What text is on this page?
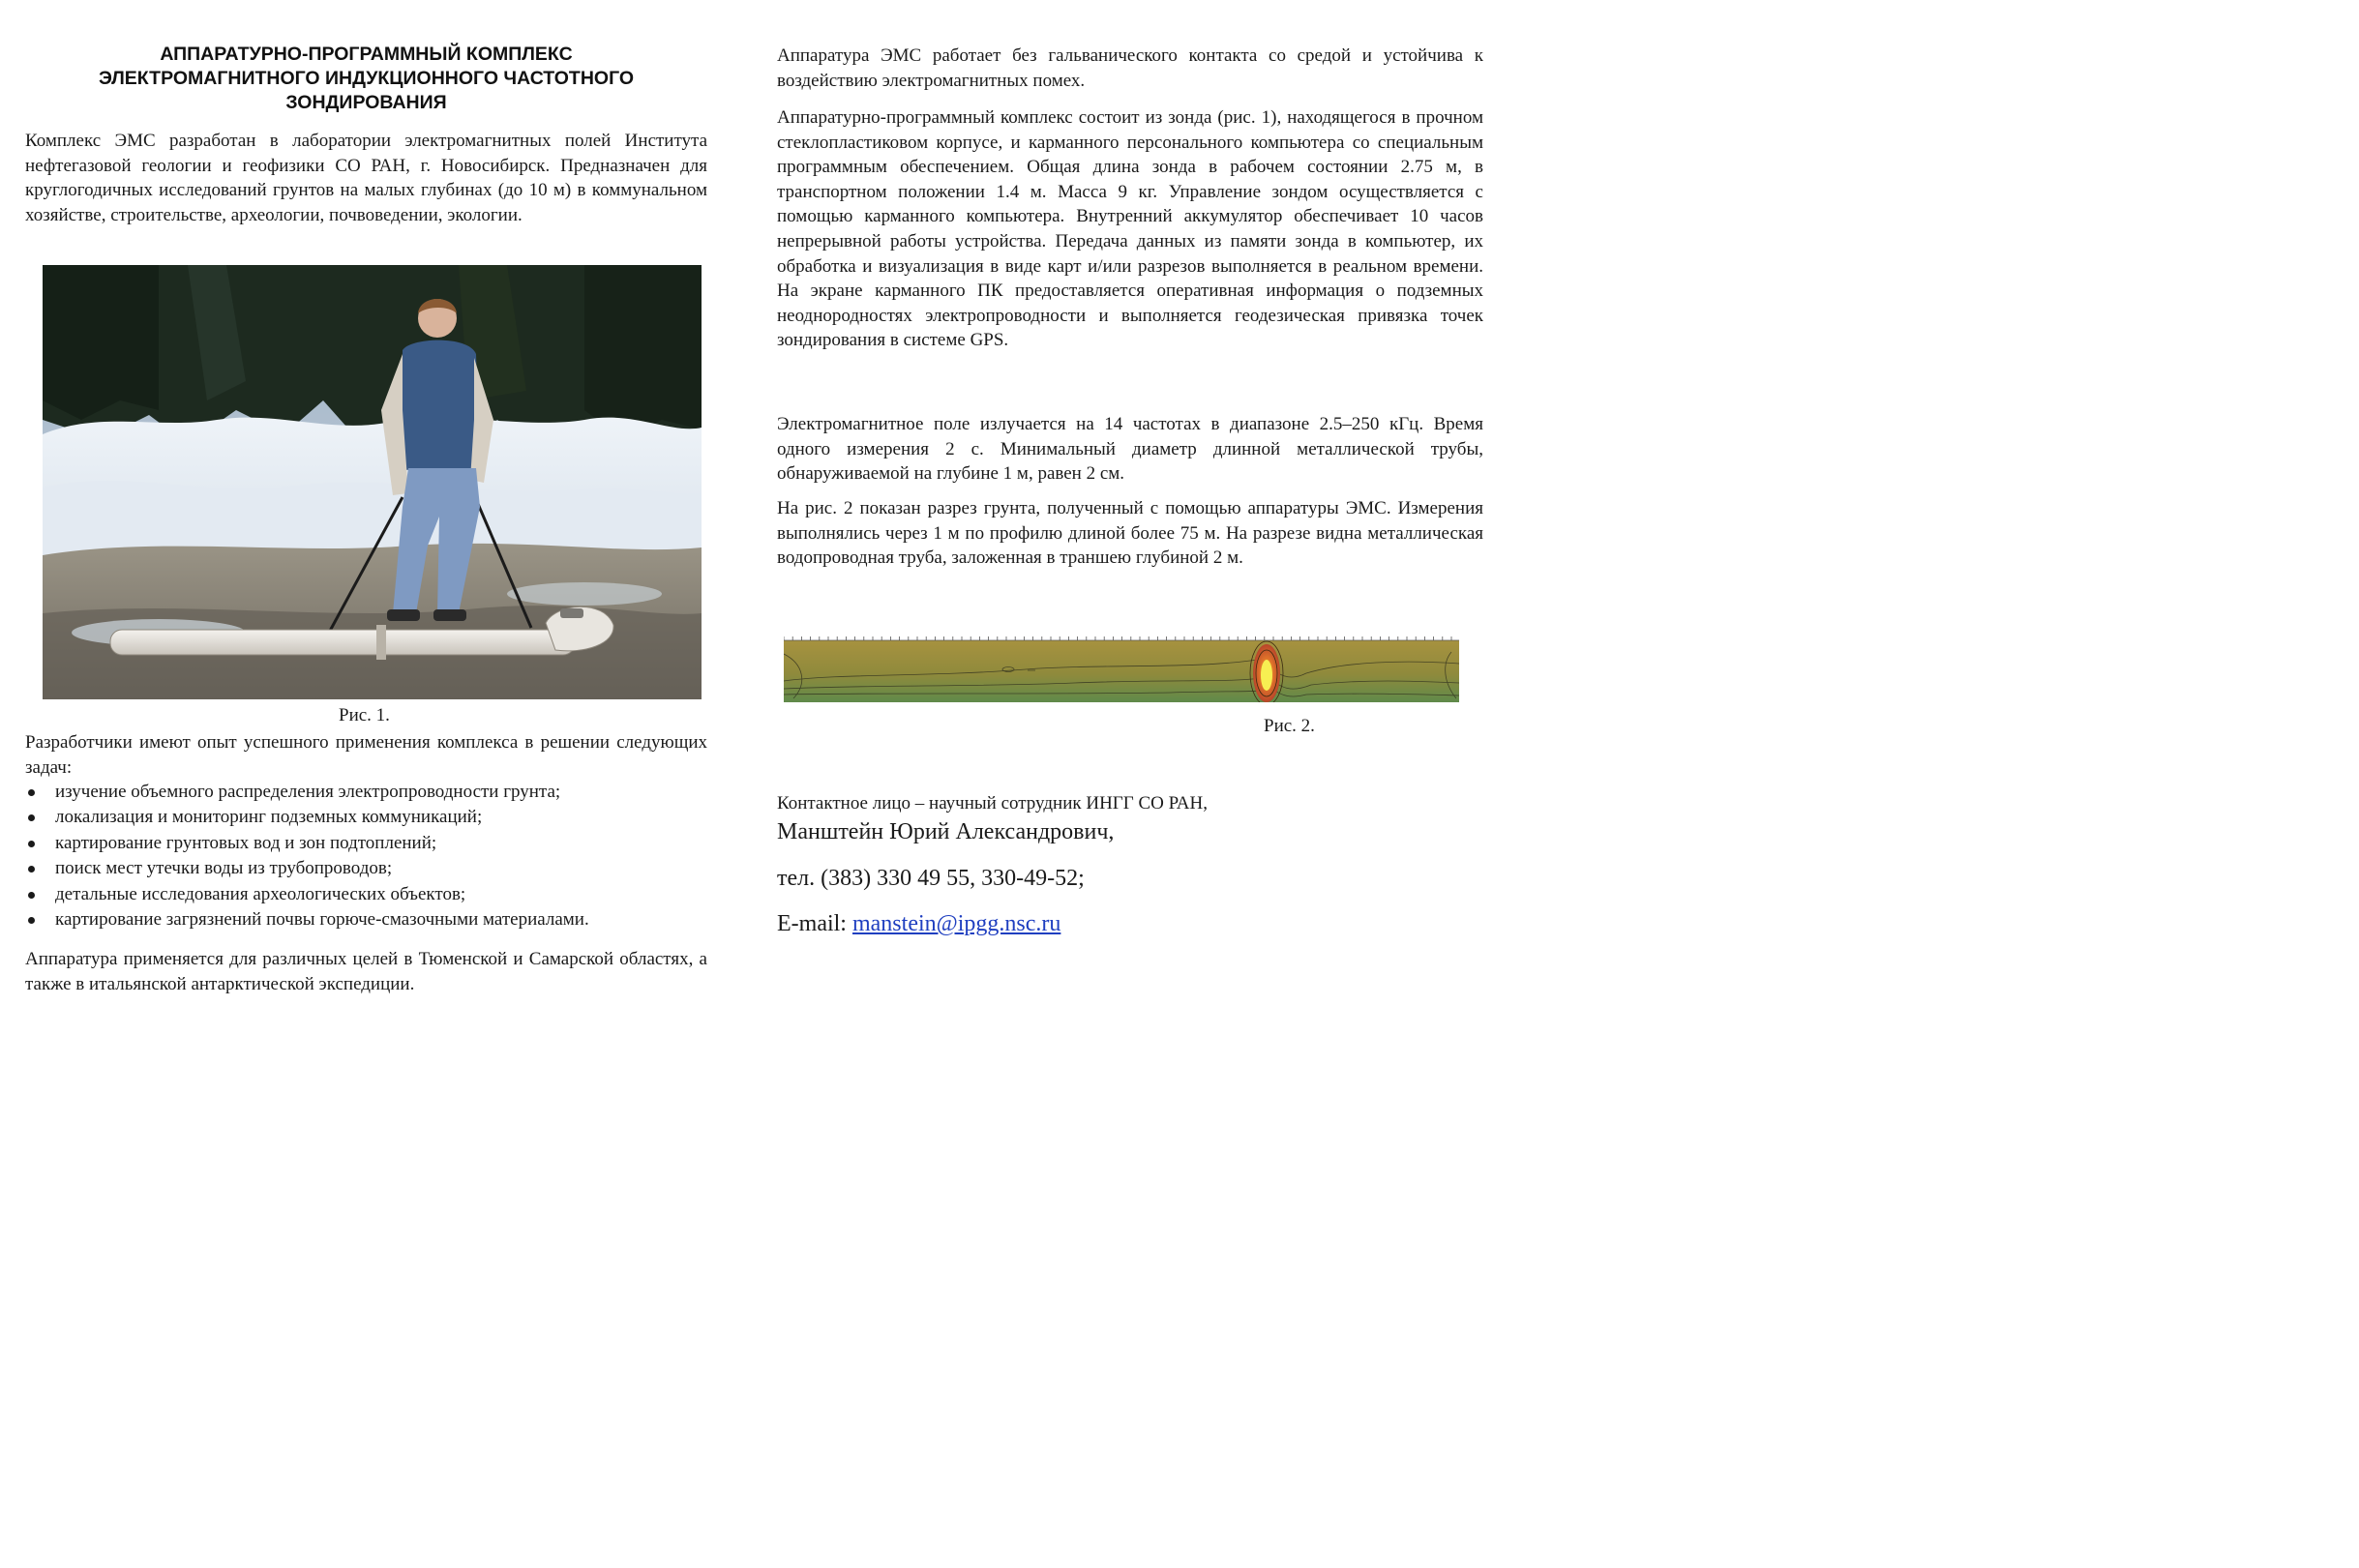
АППАРАТУРНО-ПРОГРАММНЫЙ КОМПЛЕКС
ЭЛЕКТРОМАГНИТНОГО ИНДУКЦИОННОГО ЧАСТОТНОГО
ЗОНДИРОВАНИЯ

Комплекс ЭМС разработан в лаборатории электромагнитных полей Института нефтегазовой геологии и геофизики СО РАН, г. Новосибирск. Предназначен для круглогодичных исследований грунтов на малых глубинах (до 10 м) в коммунальном хозяйстве, строительстве, археологии, почвоведении, экологии.

Рис. 1.

Разработчики имеют опыт успешного применения комплекса в решении следующих задач:

изучение объемного распределения электропроводности грунта;
локализация и мониторинг подземных коммуникаций;
картирование грунтовых вод и зон подтоплений;
поиск мест утечки воды из трубопроводов;
детальные исследования археологических объектов;
картирование загрязнений почвы горюче-смазочными материалами.

Аппаратура применяется для различных целей в Тюменской и Самарской областях, а также в итальянской антарктической экспедиции.

Аппаратура ЭМС работает без гальванического контакта со средой и устойчива к воздействию электромагнитных помех.

Аппаратурно-программный комплекс состоит из зонда (рис. 1), находящегося в прочном стеклопластиковом корпусе, и карманного персонального компьютера со специальным программным обеспечением. Общая длина зонда в рабочем состоянии 2.75 м, в транспортном положении 1.4 м. Масса 9 кг. Управление зондом осуществляется с помощью карманного компьютера. Внутренний аккумулятор обеспечивает 10 часов непрерывной работы устройства. Передача данных из памяти зонда в компьютер, их обработка и визуализация в виде карт и/или разрезов выполняется в реальном времени. На экране карманного ПК предоставляется оперативная информация о подземных неоднородностях электропроводности и выполняется геодезическая привязка точек зондирования в системе GPS.

Электромагнитное поле излучается на 14 частотах в диапазоне 2.5–250 кГц. Время одного измерения 2 с. Минимальный диаметр длинной металлической трубы, обнаруживаемой на глубине 1 м, равен 2 см.

На рис. 2 показан разрез грунта, полученный с помощью аппаратуры ЭМС. Измерения выполнялись через 1 м по профилю длиной более 75 м. На разрезе видна металлическая водопроводная труба, заложенная в траншею глубиной 2 м.

Рис. 2.
Контактное лицо – научный сотрудник ИНГГ СО РАН,
Манштейн Юрий Александрович,
тел. (383) 330 49 55, 330-49-52;
E-mail: manstein@ipgg.nsc.ru
